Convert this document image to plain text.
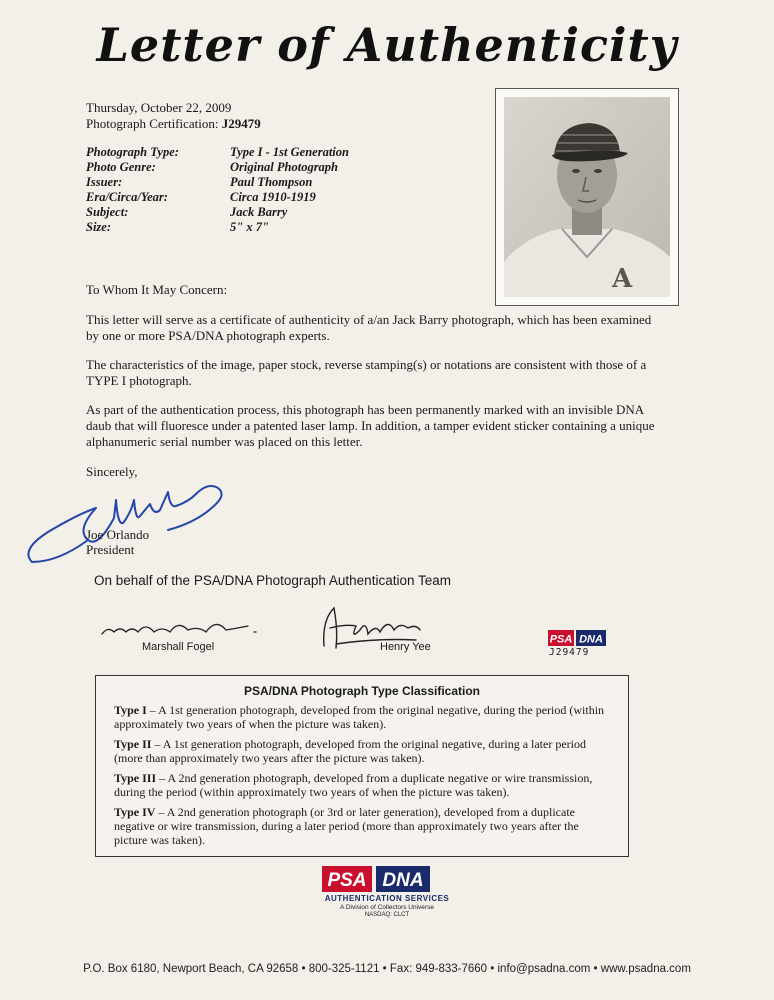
Letter of Authenticity
Thursday, October 22, 2009
Photograph Certification: J29479
Photograph Type:	Type I - 1st Generation
Photo Genre:	Original Photograph
Issuer:	Paul Thompson
Era/Circa/Year:	Circa 1910-1919
Subject:	Jack Barry
Size:	5" x 7"
A
To Whom It May Concern:
This letter will serve as a certificate of authenticity of a/an Jack Barry photograph, which has been examined by one or more PSA/DNA photograph experts.
The characteristics of the image, paper stock, reverse stamping(s) or notations are consistent with those of a TYPE I photograph.
As part of the authentication process, this photograph has been permanently marked with an invisible DNA daub that will fluoresce under a patented laser lamp. In addition, a tamper evident sticker containing a unique alphanumeric serial number was placed on this letter.
Sincerely,
Joe Orlando
President
On behalf of the PSA/DNA Photograph Authentication Team
Marshall Fogel	Henry Yee
PSA DNA
J29479
PSA/DNA Photograph Type Classification
Type I – A 1st generation photograph, developed from the original negative, during the period (within approximately two years of when the picture was taken).
Type II – A 1st generation photograph, developed from the original negative, during a later period (more than approximately two years after the picture was taken).
Type III – A 2nd generation photograph, developed from a duplicate negative or wire transmission, during the period (within approximately two years of when the picture was taken).
Type IV – A 2nd generation photograph (or 3rd or later generation), developed from a duplicate negative or wire transmission, during a later period (more than approximately two years after the picture was taken).
PSA DNA
AUTHENTICATION SERVICES
A Division of Collectors Universe
NASDAQ: CLCT
P.O. Box 6180, Newport Beach, CA 92658 • 800-325-1121 • Fax: 949-833-7660 • info@psadna.com • www.psadna.com
